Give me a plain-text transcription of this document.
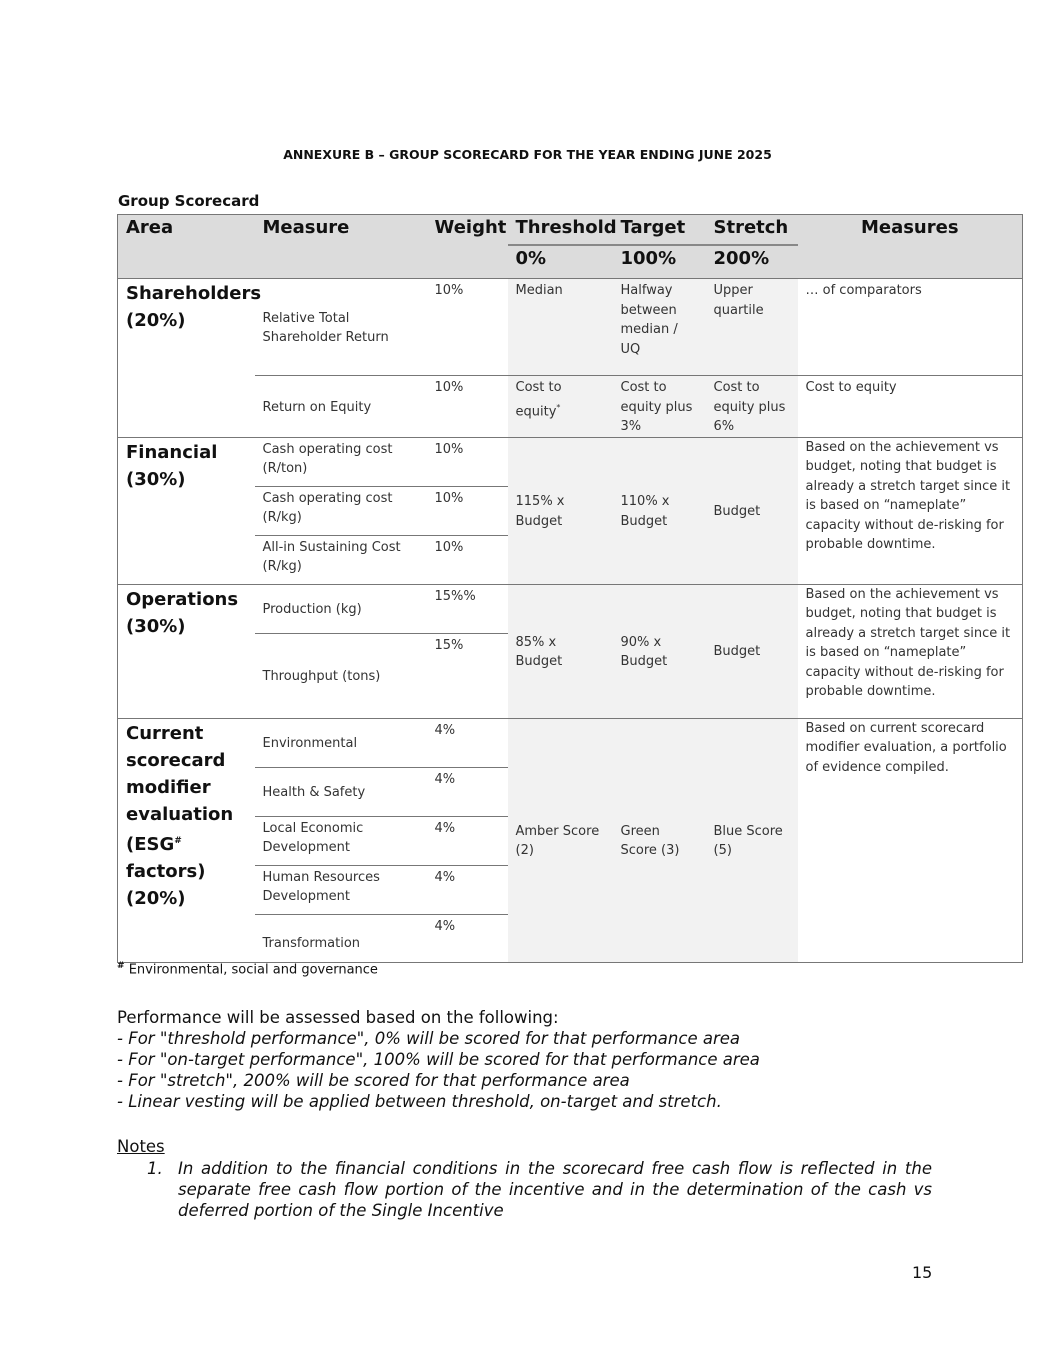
ANNEXURE B – GROUP SCORECARD FOR THE YEAR ENDING JUNE 2025
Group Scorecard
Area	Measure	Weight	Threshold	Target	Stretch	Measures
			0%	100%	200%	
Shareholders (20%)	Relative Total Shareholder Return	10%	Median	Halfway between median / UQ	Upper quartile	… of comparators
	Return on Equity	10%	Cost to equity*	Cost to equity plus 3%	Cost to equity plus 6%	Cost to equity
Financial (30%)	Cash operating cost (R/ton)	10%	115% x Budget	110% x Budget	Budget	Based on the achievement vs budget, noting that budget is already a stretch target since it is based on “nameplate” capacity without de-risking for probable downtime.
	Cash operating cost (R/kg)	10%				
	All-in Sustaining Cost (R/kg)	10%				
Operations (30%)	Production (kg)	15%%	85% x Budget	90% x Budget	Budget	Based on the achievement vs budget, noting that budget is already a stretch target since it is based on “nameplate” capacity without de-risking for probable downtime.
	Throughput (tons)	15%				
Current scorecard modifier evaluation (ESG# factors) (20%)	Environmental	4%	Amber Score (2)	Green Score (3)	Blue Score (5)	Based on current scorecard modifier evaluation, a portfolio of evidence compiled.
	Health & Safety	4%				
	Local Economic Development	4%				
	Human Resources Development	4%				
	Transformation	4%				
# Environmental, social and governance
Performance will be assessed based on the following:
- For "threshold performance", 0% will be scored for that performance area
- For "on-target performance", 100% will be scored for that performance area
- For "stretch", 200% will be scored for that performance area
- Linear vesting will be applied between threshold, on-target and stretch.
Notes
1. In addition to the financial conditions in the scorecard free cash flow is reflected in the separate free cash flow portion of the incentive and in the determination of the cash vs deferred portion of the Single Incentive
15
